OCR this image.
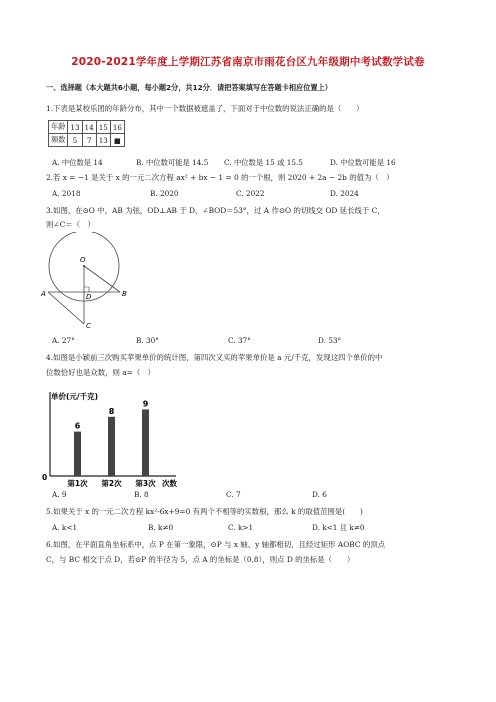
2020-2021学年度上学期江苏省南京市雨花台区九年级期中考试数学试卷
一、选择题（本大题共6小题，每小题2分，共12分．请把答案填写在答题卡相应位置上）
1.下表是某校乐团的年龄分布，其中一个数据被遮盖了，下面对于中位数的说法正确的是（　　）
年龄	13	14	15	16
频数	5	7	13	■
A. 中位数是 14	B. 中位数可能是 14.5 C. 中位数是 15 或 15.5	D. 中位数可能是 16
2.若 x = −1 是关于 x 的一元二次方程 ax² + bx − 1 = 0 的一个根，则 2020 + 2a − 2b 的值为（　）
A. 2018	B. 2020	C. 2022	D. 2024
3.如图，在⊙O 中，AB 为弦，OD⊥AB 于 D，∠BOD＝53°，过 A 作⊙O 的切线交 OD 延长线于 C，
则∠C＝（　）
O
A	D	B
C
A. 27°	B. 30°	C. 37°	D. 53°
4.如图是小颖前三次购买苹果单价的统计图，第四次又买的苹果单价是 a 元/千克，发现这四个单价的中
位数恰好也是众数，则 a=（　）
单价(元/千克)
0
次数
6
第1次
8
第2次
9
第3次
A. 9	B. 8	C. 7	D. 6
5.如果关于 x 的一元二次方程 kx²-6x+9=0 有两个不相等的实数根，那么 k 的取值范围是(　　)
A. k<1	B. k≠0	C. k>1	D. k<1 且 k≠0
6.如图，在平面直角坐标系中，点 P 在第一象限，⊙P 与 x 轴、y 轴都相切，且经过矩形 AOBC 的顶点
C，与 BC 相交于点 D，若⊙P 的半径为 5，点 A 的坐标是（0,8），则点 D 的坐标是（　　）
